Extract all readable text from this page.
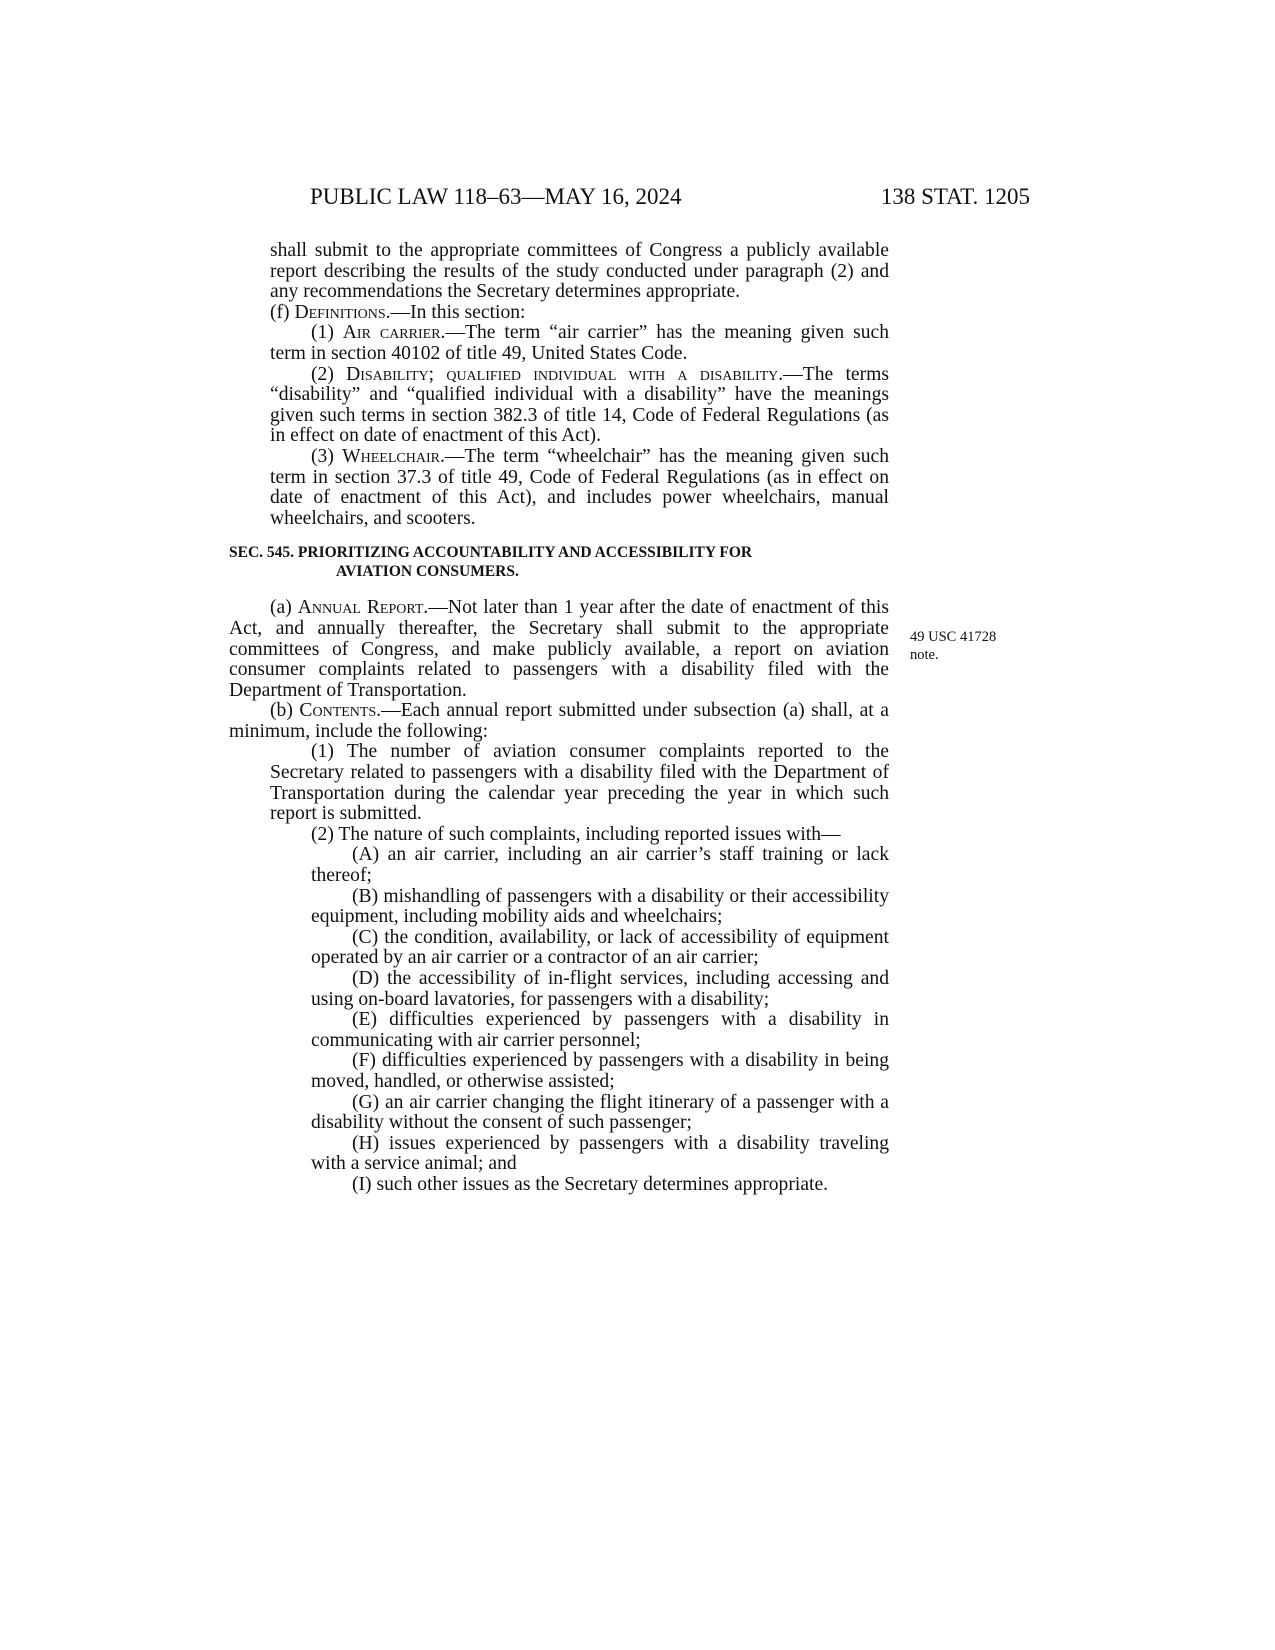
PUBLIC LAW 118–63—MAY 16, 2024	138 STAT. 1205
49 USC 41728
note.

shall submit to the appropriate committees of Congress a publicly available report describing the results of the study conducted under paragraph (2) and any recommendations the Secretary determines appropriate.

(f) Definitions.—In this section:

(1) Air carrier.—The term “air carrier” has the meaning given such term in section 40102 of title 49, United States Code.

(2) Disability; qualified individual with a disability.—The terms “disability” and “qualified individual with a disability” have the meanings given such terms in section 382.3 of title 14, Code of Federal Regulations (as in effect on date of enactment of this Act).

(3) Wheelchair.—The term “wheelchair” has the meaning given such term in section 37.3 of title 49, Code of Federal Regulations (as in effect on date of enactment of this Act), and includes power wheelchairs, manual wheelchairs, and scooters.

SEC. 545. PRIORITIZING ACCOUNTABILITY AND ACCESSIBILITY FOR
AVIATION CONSUMERS.

(a) Annual Report.—Not later than 1 year after the date of enactment of this Act, and annually thereafter, the Secretary shall submit to the appropriate committees of Congress, and make publicly available, a report on aviation consumer complaints related to passengers with a disability filed with the Department of Transportation.

(b) Contents.—Each annual report submitted under subsection (a) shall, at a minimum, include the following:

(1) The number of aviation consumer complaints reported to the Secretary related to passengers with a disability filed with the Department of Transportation during the calendar year preceding the year in which such report is submitted.

(2) The nature of such complaints, including reported issues with—

(A) an air carrier, including an air carrier’s staff training or lack thereof;

(B) mishandling of passengers with a disability or their accessibility equipment, including mobility aids and wheelchairs;

(C) the condition, availability, or lack of accessibility of equipment operated by an air carrier or a contractor of an air carrier;

(D) the accessibility of in-flight services, including accessing and using on-board lavatories, for passengers with a disability;

(E) difficulties experienced by passengers with a disability in communicating with air carrier personnel;

(F) difficulties experienced by passengers with a disability in being moved, handled, or otherwise assisted;

(G) an air carrier changing the flight itinerary of a passenger with a disability without the consent of such passenger;

(H) issues experienced by passengers with a disability traveling with a service animal; and

(I) such other issues as the Secretary determines appropriate.
